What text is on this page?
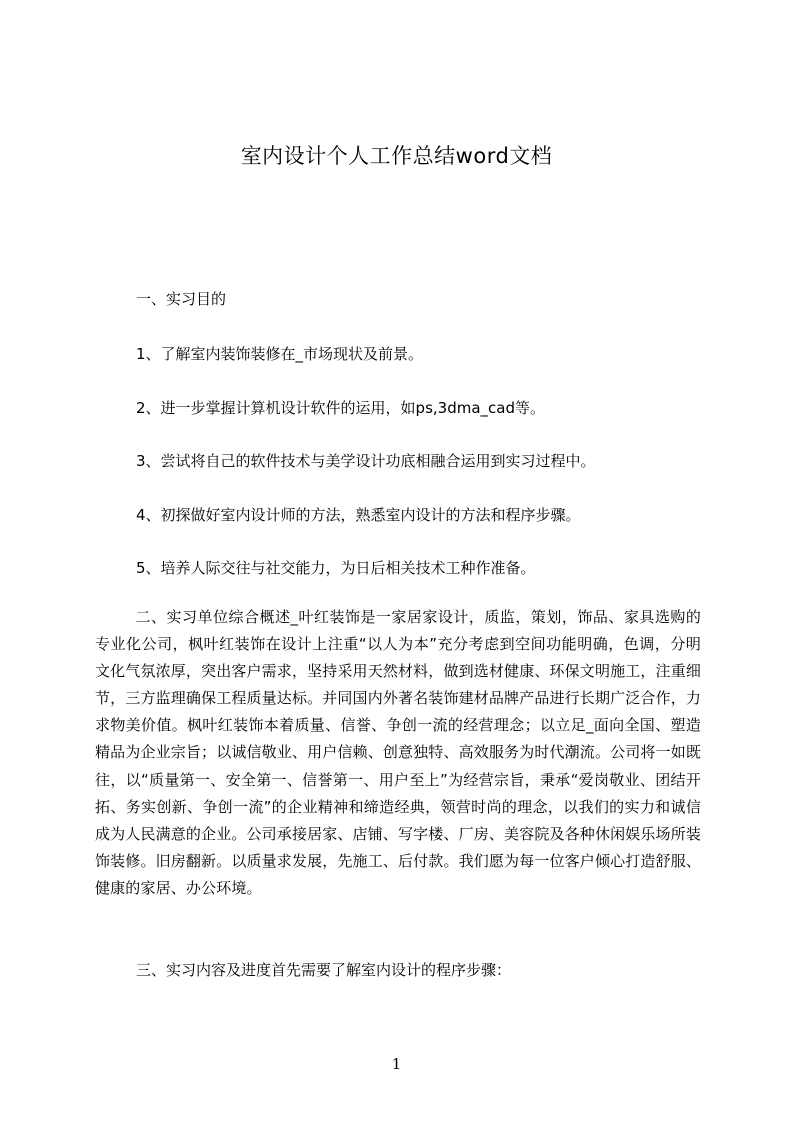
室内设计个人工作总结word文档

一、实习目的

1、了解室内装饰装修在_市场现状及前景。

2、进一步掌握计算机设计软件的运用，如ps,3dma_cad等。

3、尝试将自己的软件技术与美学设计功底相融合运用到实习过程中。

4、初探做好室内设计师的方法，熟悉室内设计的方法和程序步骤。

5、培养人际交往与社交能力，为日后相关技术工种作准备。

二、实习单位综合概述_叶红装饰是一家居家设计，质监，策划，饰品、家具选购的专业化公司，枫叶红装饰在设计上注重“以人为本”充分考虑到空间功能明确，色调，分明文化气氛浓厚，突出客户需求，坚持采用天然材料，做到选材健康、环保文明施工，注重细节，三方监理确保工程质量达标。并同国内外著名装饰建材品牌产品进行长期广泛合作，力求物美价值。枫叶红装饰本着质量、信誉、争创一流的经营理念；以立足_面向全国、塑造精品为企业宗旨；以诚信敬业、用户信赖、创意独特、高效服务为时代潮流。公司将一如既往，以“质量第一、安全第一、信誉第一、用户至上”为经营宗旨，秉承“爱岗敬业、团结开拓、务实创新、争创一流”的企业精神和缔造经典，领营时尚的理念，以我们的实力和诚信成为人民满意的企业。公司承接居家、店铺、写字楼、厂房、美容院及各种休闲娱乐场所装饰装修。旧房翻新。以质量求发展，先施工、后付款。我们愿为每一位客户倾心打造舒服、健康的家居、办公环境。

三、实习内容及进度首先需要了解室内设计的程序步骤：

1
